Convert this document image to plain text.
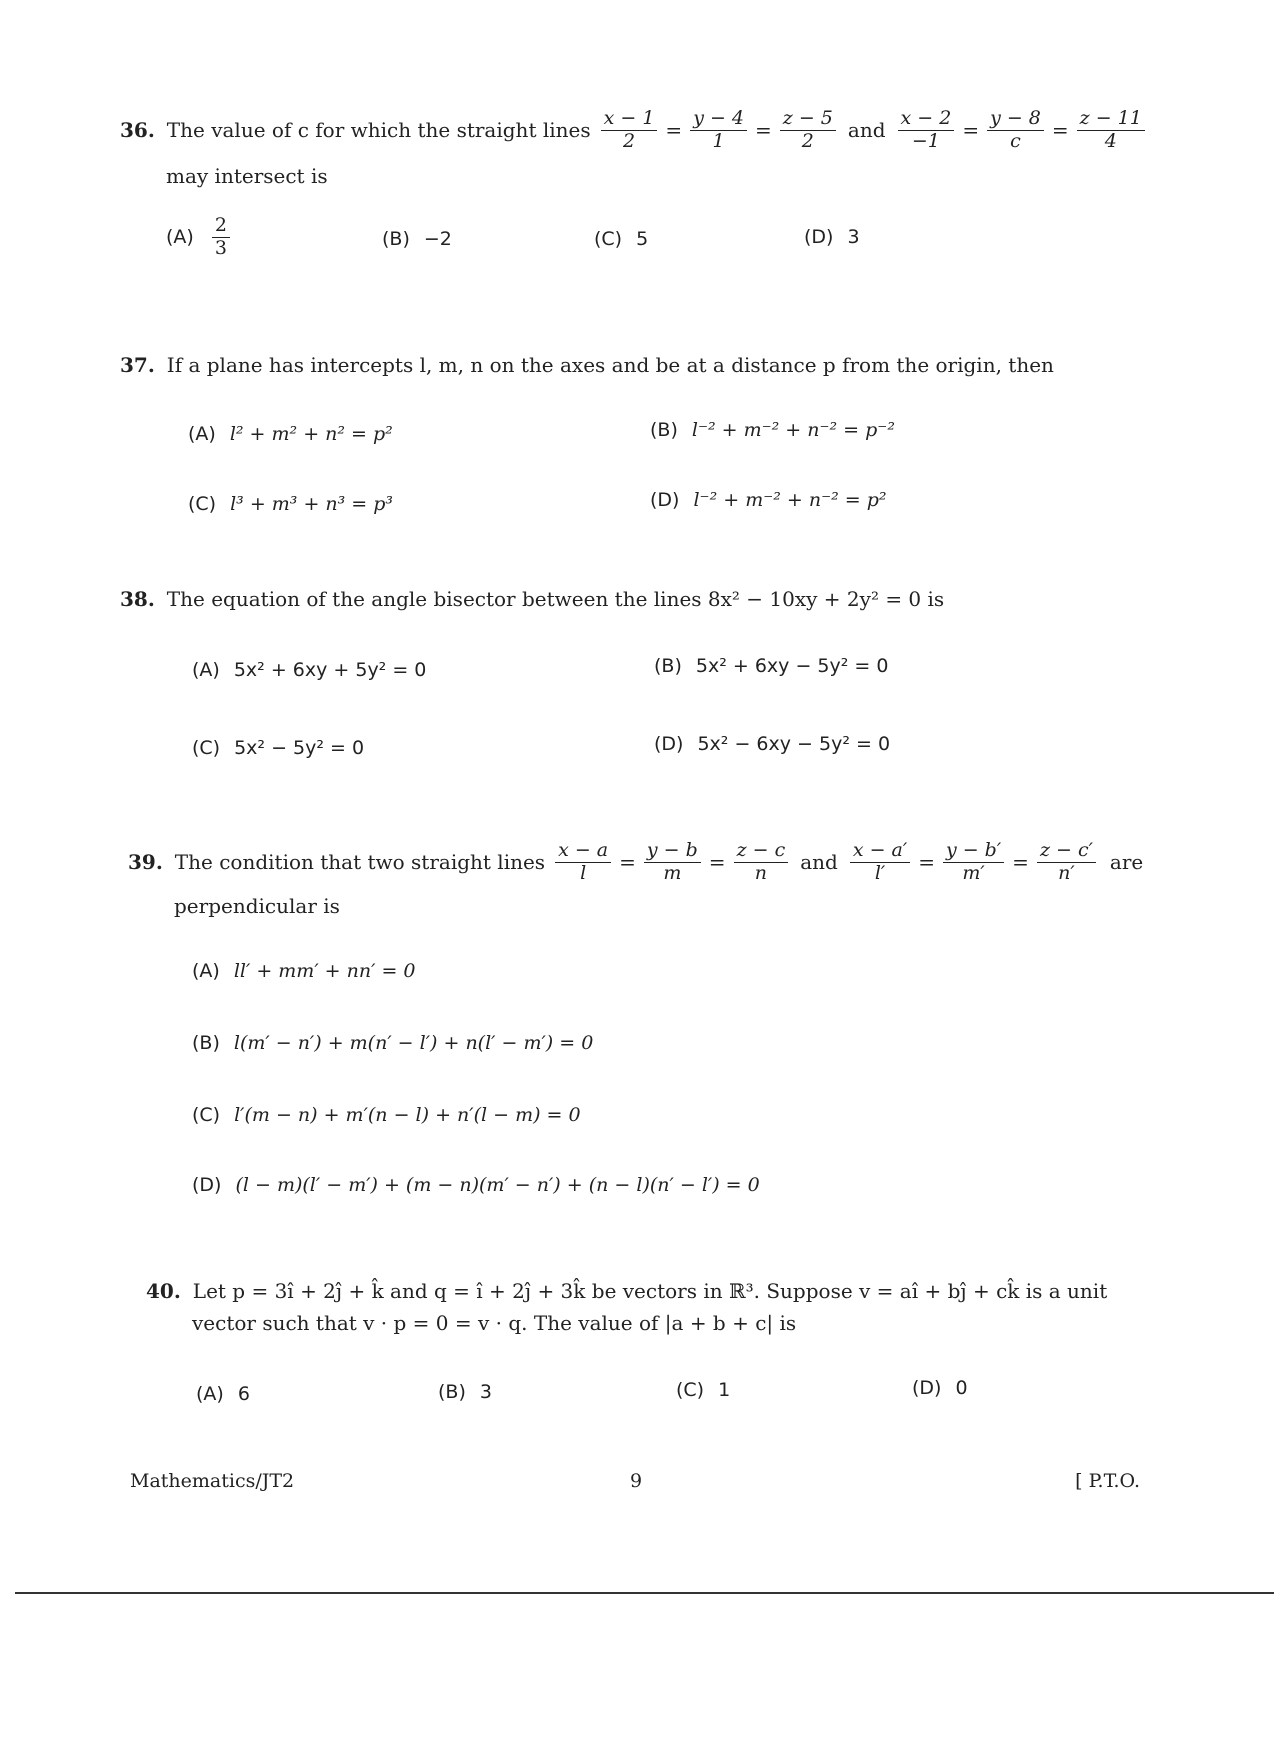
36. The value of c for which the straight lines $\frac{x - 1}{2} = \frac{y - 4}{1} = \frac{z - 5}{2}$ and $\frac{x - 2}{-1} = \frac{y - 8}{c} = \frac{z - 11}{4}$
may intersect is
$(A) \frac{2}{3}$	(B) −2	(C) 5	(D) 3
37. If a plane has intercepts l, m, n on the axes and be at a distance p from the origin, then
(A) l² + m² + n² = p²	(B) l⁻² + m⁻² + n⁻² = p⁻²
(C) l³ + m³ + n³ = p³	(D) l⁻² + m⁻² + n⁻² = p²
38. The equation of the angle bisector between the lines 8x² − 10xy + 2y² = 0 is
(A) 5x² + 6xy + 5y² = 0	(B) 5x² + 6xy − 5y² = 0
(C) 5x² − 5y² = 0	(D) 5x² − 6xy − 5y² = 0
39. The condition that two straight lines $\frac{x - a}{l} = \frac{y - b}{m} = \frac{z - c}{n}$ and $\frac{x - a'}{l'} = \frac{y - b'}{m'} = \frac{z - c'}{n'}$ are
perpendicular is
(A) ll′ + mm′ + nn′ = 0
(B) l(m′ − n′) + m(n′ − l′) + n(l′ − m′) = 0
(C) l′(m − n) + m′(n − l) + n′(l − m) = 0
(D) (l − m)(l′ − m′) + (m − n)(m′ − n′) + (n − l)(n′ − l′) = 0
40. Let p = 3î + 2ĵ + k̂ and q = î + 2ĵ + 3k̂ be vectors in ℝ³. Suppose v = aî + bĵ + ck̂ is a unit
vector such that v · p = 0 = v · q. The value of |a + b + c| is
(A) 6	(B) 3	(C) 1	(D) 0
Mathematics/JT2	9	[ P.T.O.
